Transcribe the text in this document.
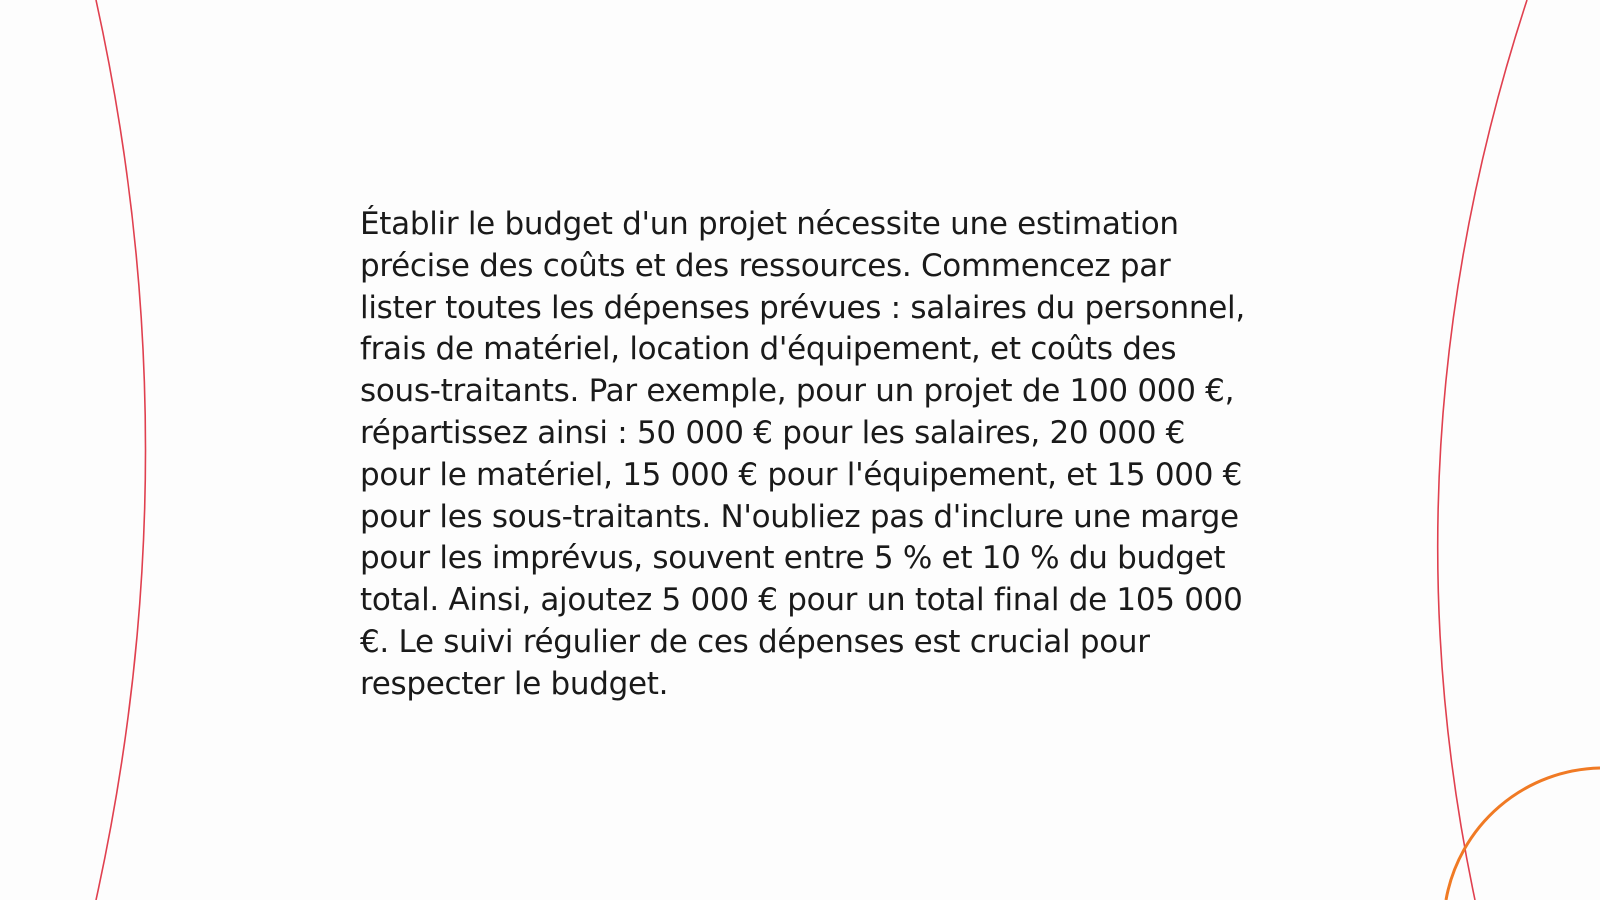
Établir le budget d'un projet nécessite une estimation précise des coûts et des ressources. Commencez par lister toutes les dépenses prévues : salaires du personnel, frais de matériel, location d'équipement, et coûts des sous-traitants. Par exemple, pour un projet de 100 000 €, répartissez ainsi : 50 000 € pour les salaires, 20 000 € pour le matériel, 15 000 € pour l'équipement, et 15 000 € pour les sous-traitants. N'oubliez pas d'inclure une marge pour les imprévus, souvent entre 5 % et 10 % du budget total. Ainsi, ajoutez 5 000 € pour un total final de 105 000 €. Le suivi régulier de ces dépenses est crucial pour respecter le budget.
